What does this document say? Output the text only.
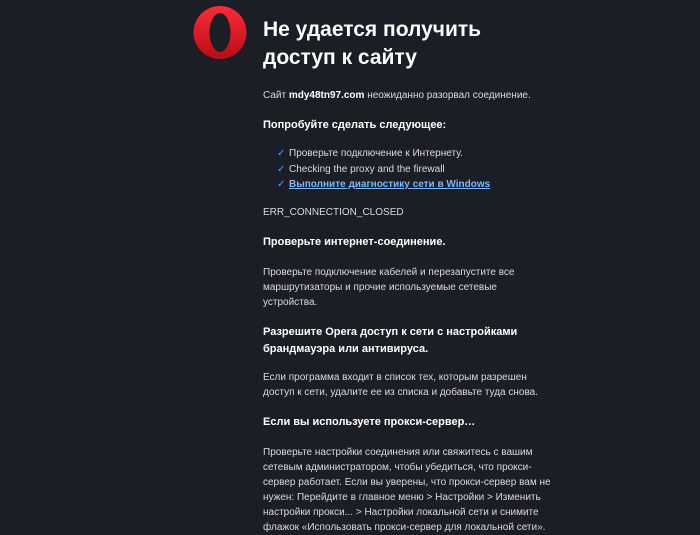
Не удается получить доступ к сайту

Сайт mdy48tn97.com неожиданно разорвал соединение.

Попробуйте сделать следующее:
✓ Проверьте подключение к Интернету.
✓ Checking the proxy and the firewall
✓ Выполните диагностику сети в Windows

ERR_CONNECTION_CLOSED

Проверьте интернет-соединение.

Проверьте подключение кабелей и перезапустите все маршрутизаторы и прочие используемые сетевые устройства.

Разрешите Opera доступ к сети с настройками брандмауэра или антивируса.

Если программа входит в список тех, которым разрешен доступ к сети, удалите ее из списка и добавьте туда снова.

Если вы используете прокси-сервер…

Проверьте настройки соединения или свяжитесь с вашим сетевым администратором, чтобы убедиться, что прокси-сервер работает. Если вы уверены, что прокси-сервер вам не нужен: Перейдите в главное меню > Настройки > Изменить настройки прокси... > Настройки локальной сети и снимите флажок «Использовать прокси-сервер для локальной сети».
